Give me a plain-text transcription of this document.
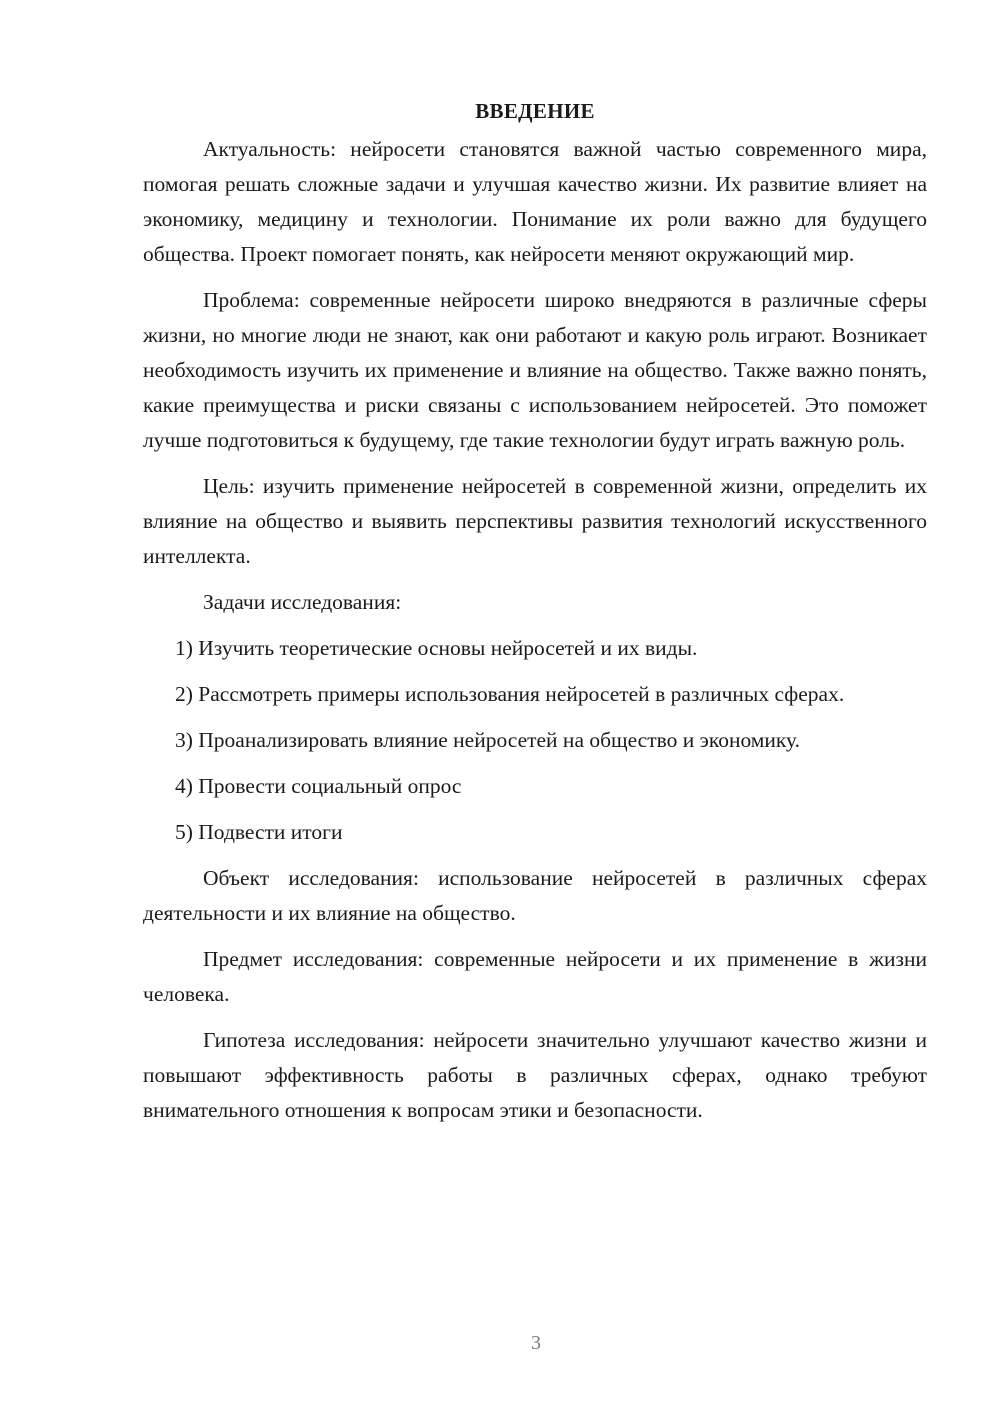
ВВЕДЕНИЕ

Актуальность: нейросети становятся важной частью современного мира, помогая решать сложные задачи и улучшая качество жизни. Их развитие влияет на экономику, медицину и технологии. Понимание их роли важно для будущего общества. Проект помогает понять, как нейросети меняют окружающий мир.

Проблема: современные нейросети широко внедряются в различные сферы жизни, но многие люди не знают, как они работают и какую роль играют. Возникает необходимость изучить их применение и влияние на общество. Также важно понять, какие преимущества и риски связаны с использованием нейросетей. Это поможет лучше подготовиться к будущему, где такие технологии будут играть важную роль.

Цель: изучить применение нейросетей в современной жизни, определить их влияние на общество и выявить перспективы развития технологий искусственного интеллекта.

Задачи исследования:

1) Изучить теоретические основы нейросетей и их виды.

2) Рассмотреть примеры использования нейросетей в различных сферах.

3) Проанализировать влияние нейросетей на общество и экономику.

4) Провести социальный опрос

5) Подвести итоги

Объект исследования: использование нейросетей в различных сферах деятельности и их влияние на общество.

Предмет исследования: современные нейросети и их применение в жизни человека.

Гипотеза исследования: нейросети значительно улучшают качество жизни и повышают эффективность работы в различных сферах, однако требуют внимательного отношения к вопросам этики и безопасности.

3
